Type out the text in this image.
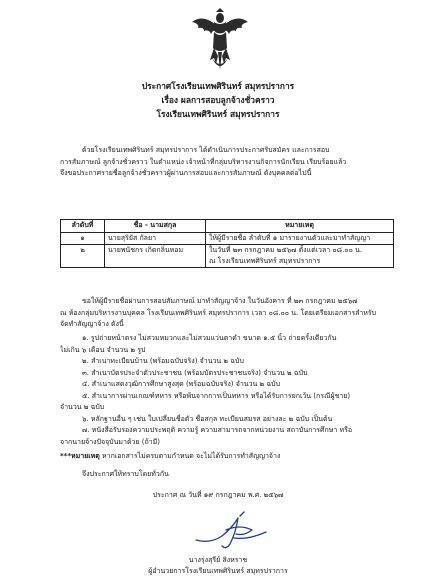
ประกาศโรงเรียนเทพศิรินทร์ สมุทรปราการ
เรื่อง ผลการสอบลูกจ้างชั่วคราว
โรงเรียนเทพศิรินทร์ สมุทรปราการ
ด้วยโรงเรียนเทพศิรินทร์ สมุทรปราการ ได้ดำเนินการประกาศรับสมัคร และการสอบ
การสัมภาษณ์ ลูกจ้างชั่วคราว ในตำแหน่ง เจ้าหน้าที่กลุ่มบริหารงานกิจการนักเรียน เรียบร้อยแล้ว
จึงขอประกาศรายชื่อลูกจ้างชั่วคราวผู้ผ่านการสอบและการสัมภาษณ์ ดังบุคคลต่อไปนี้
ลำดับที่	ชื่อ - นามสกุล	หมายเหตุ
๑	นายสุริยัส กัลยา	ให้ผู้มีรายชื่อ ลำดับที่ ๑ มารายงานตัวและมาทำสัญญา

๒	นายพนัชกร เกิดกลิ่นหอม	ในวันที่ ๒๓ กรกฎาคม ๒๕๖๗ ตั้งแต่เวลา ๐๘.๐๐ น.
ณ โรงเรียนเทพศิรินทร์ สมุทรปราการ
ขอให้ผู้มีรายชื่อผ่านการสอบสัมภาษณ์ มาทำสัญญาจ้าง ในวันอังคาร ที่ ๒๓ กรกฎาคม ๒๕๖๗
ณ ห้องกลุ่มบริหารงานบุคคล โรงเรียนเทพศิรินทร์ สมุทรปราการ เวลา ๐๘.๐๐ น. โดยเตรียมเอกสารสำหรับ
จัดทำสัญญาจ้าง ดังนี้
๑. รูปถ่ายหน้าตรง ไม่สวมหมวกและไม่สวมแว่นตาดำ ขนาด ๑.๕ นิ้ว ถ่ายครั้งเดียวกัน
ไม่เกิน ๖ เดือน จำนวน ๒ รูป
๒. สำเนาทะเบียนบ้าน (พร้อมฉบับจริง) จำนวน ๒ ฉบับ
๓. สำเนาบัตรประจำตัวประชาชน (พร้อมบัตรประชาชนจริง) จำนวน ๒ ฉบับ
๔. สำเนาแสดงวุฒิการศึกษาสูงสุด (พร้อมฉบับจริง) จำนวน ๒ ฉบับ
๕. สำเนาการผ่านเกณฑ์ทหาร หรือพ้นจากการเป็นทหาร หรือได้รับการยกเว้น (กรณีผู้ชาย)
จำนวน ๒ ฉบับ
๖. หลักฐานอื่น ๆ เช่น ใบเปลี่ยนชื่อตัว ชื่อสกุล ทะเบียนสมรส อย่างละ ๒ ฉบับ เป็นต้น
๗. หนังสือรับรองความประพฤติ ความรู้ ความสามารถจากหน่วยงาน สถาบันการศึกษา หรือ
จากนายจ้างปัจจุบันมาด้วย (ถ้ามี)
***หมายเหตุ หากเอกสารไม่ครบตามกำหนด จะไม่ได้รับการทำสัญญาจ้าง
จึงประกาศให้ทราบโดยทั่วกัน
ประกาศ ณ วันที่ ๑๙ กรกฎาคม พ.ศ. ๒๕๖๗
นางรุ่งสุรีย์ สิงหราช
ผู้อำนวยการโรงเรียนเทพศิรินทร์ สมุทรปราการ
